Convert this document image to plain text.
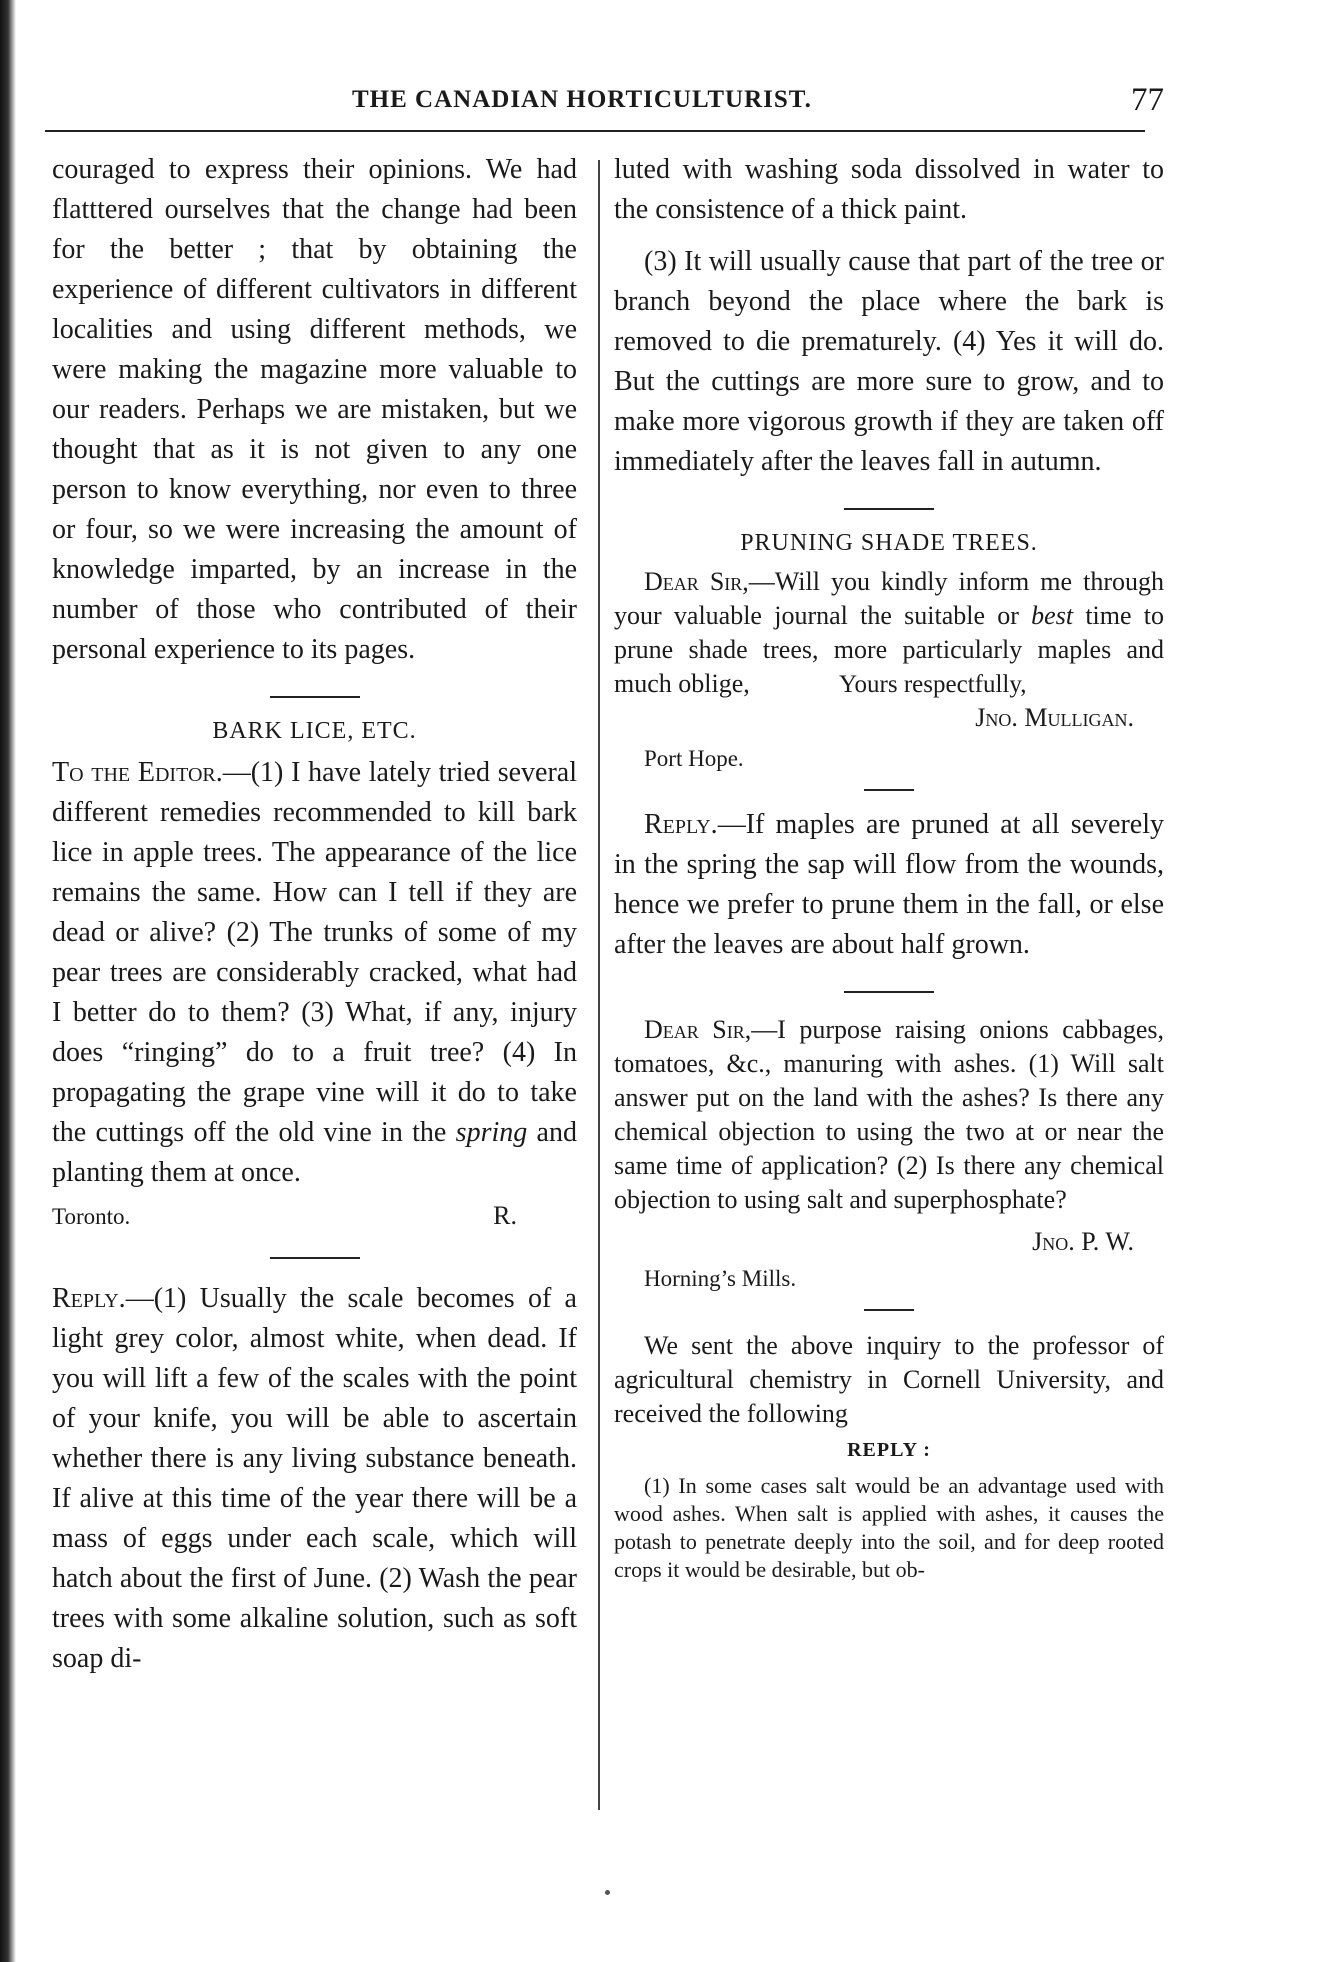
THE CANADIAN HORTICULTURIST.	77

couraged to express their opinions. We had flatttered ourselves that the change had been for the better ; that by obtaining the experience of different cultivators in different localities and using different methods, we were making the magazine more valuable to our readers. Perhaps we are mistaken, but we thought that as it is not given to any one person to know everything, nor even to three or four, so we were increasing the amount of knowledge imparted, by an increase in the number of those who contributed of their personal experience to its pages.

BARK LICE, ETC.

To the Editor.—(1) I have lately tried several different remedies recommended to kill bark lice in apple trees. The appearance of the lice remains the same. How can I tell if they are dead or alive? (2) The trunks of some of my pear trees are considerably cracked, what had I better do to them? (3) What, if any, injury does “ringing” do to a fruit tree? (4) In propagating the grape vine will it do to take the cuttings off the old vine in the spring and planting them at once.

Toronto.	R.

Reply.—(1) Usually the scale becomes of a light grey color, almost white, when dead. If you will lift a few of the scales with the point of your knife, you will be able to ascertain whether there is any living substance beneath. If alive at this time of the year there will be a mass of eggs under each scale, which will hatch about the first of June. (2) Wash the pear trees with some alkaline solution, such as soft soap di-

luted with washing soda dissolved in water to the consistence of a thick paint.

(3) It will usually cause that part of the tree or branch beyond the place where the bark is removed to die prematurely. (4) Yes it will do. But the cuttings are more sure to grow, and to make more vigorous growth if they are taken off immediately after the leaves fall in autumn.

PRUNING SHADE TREES.

Dear Sir,—Will you kindly inform me through your valuable journal the suitable or best time to prune shade trees, more particularly maples and much oblige,	Yours respectfully,

Jno. Mulligan.

Port Hope.

Reply.—If maples are pruned at all severely in the spring the sap will flow from the wounds, hence we prefer to prune them in the fall, or else after the leaves are about half grown.

Dear Sir,—I purpose raising onions cabbages, tomatoes, &c., manuring with ashes. (1) Will salt answer put on the land with the ashes? Is there any chemical objection to using the two at or near the same time of application? (2) Is there any chemical objection to using salt and superphosphate?

Jno. P. W.

Horning’s Mills.

We sent the above inquiry to the professor of agricultural chemistry in Cornell University, and received the following

REPLY :

(1) In some cases salt would be an advantage used with wood ashes. When salt is applied with ashes, it causes the potash to penetrate deeply into the soil, and for deep rooted crops it would be desirable, but ob-
